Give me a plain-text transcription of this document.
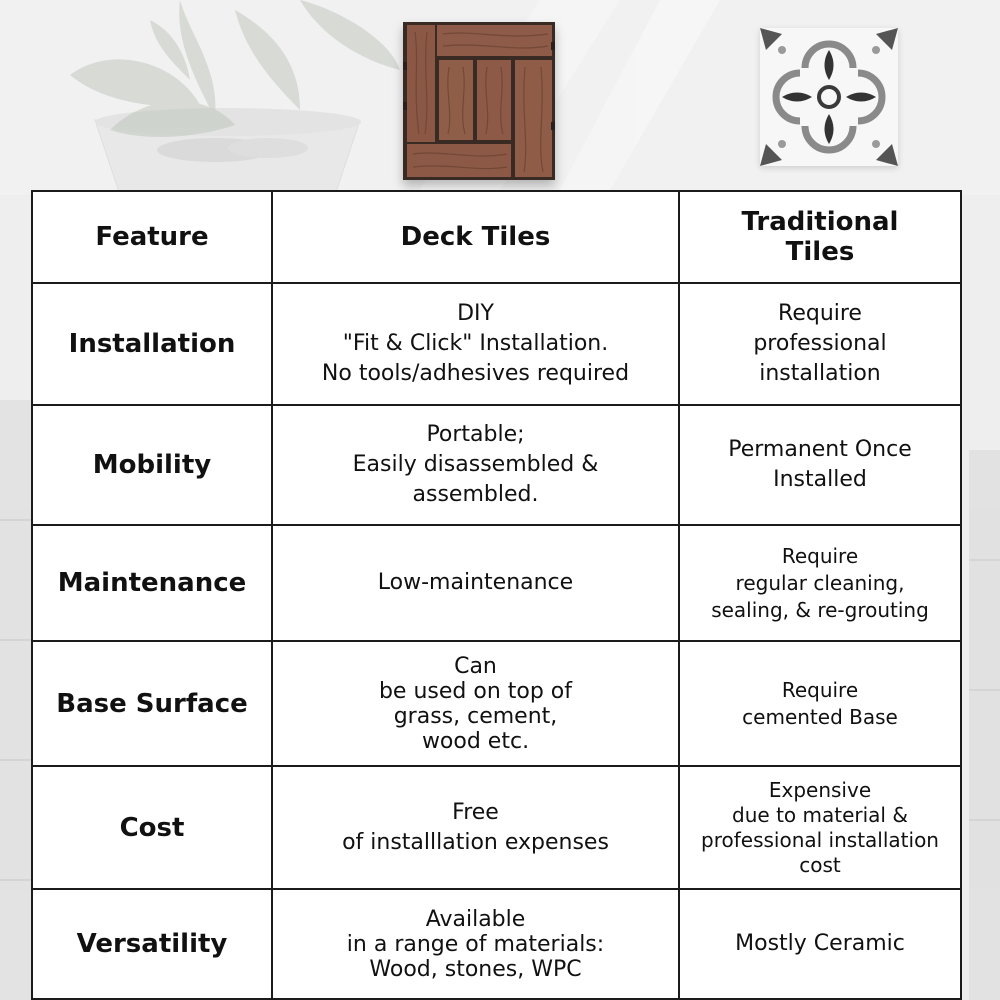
Feature	Deck Tiles	Traditional
Tiles
Installation	DIY
"Fit & Click" Installation.
No tools/adhesives required	Require
professional
installation
Mobility	Portable;
Easily disassembled &
assembled.	Permanent Once
Installed
Maintenance	Low-maintenance	Require
regular cleaning,
sealing, & re-grouting
Base Surface	Can
be used on top of
grass, cement,
wood etc.	Require
cemented Base
Cost	Free
of installlation expenses	Expensive
due to material &
professional installation
cost
Versatility	Available
in a range of materials:
Wood, stones, WPC	Mostly Ceramic
